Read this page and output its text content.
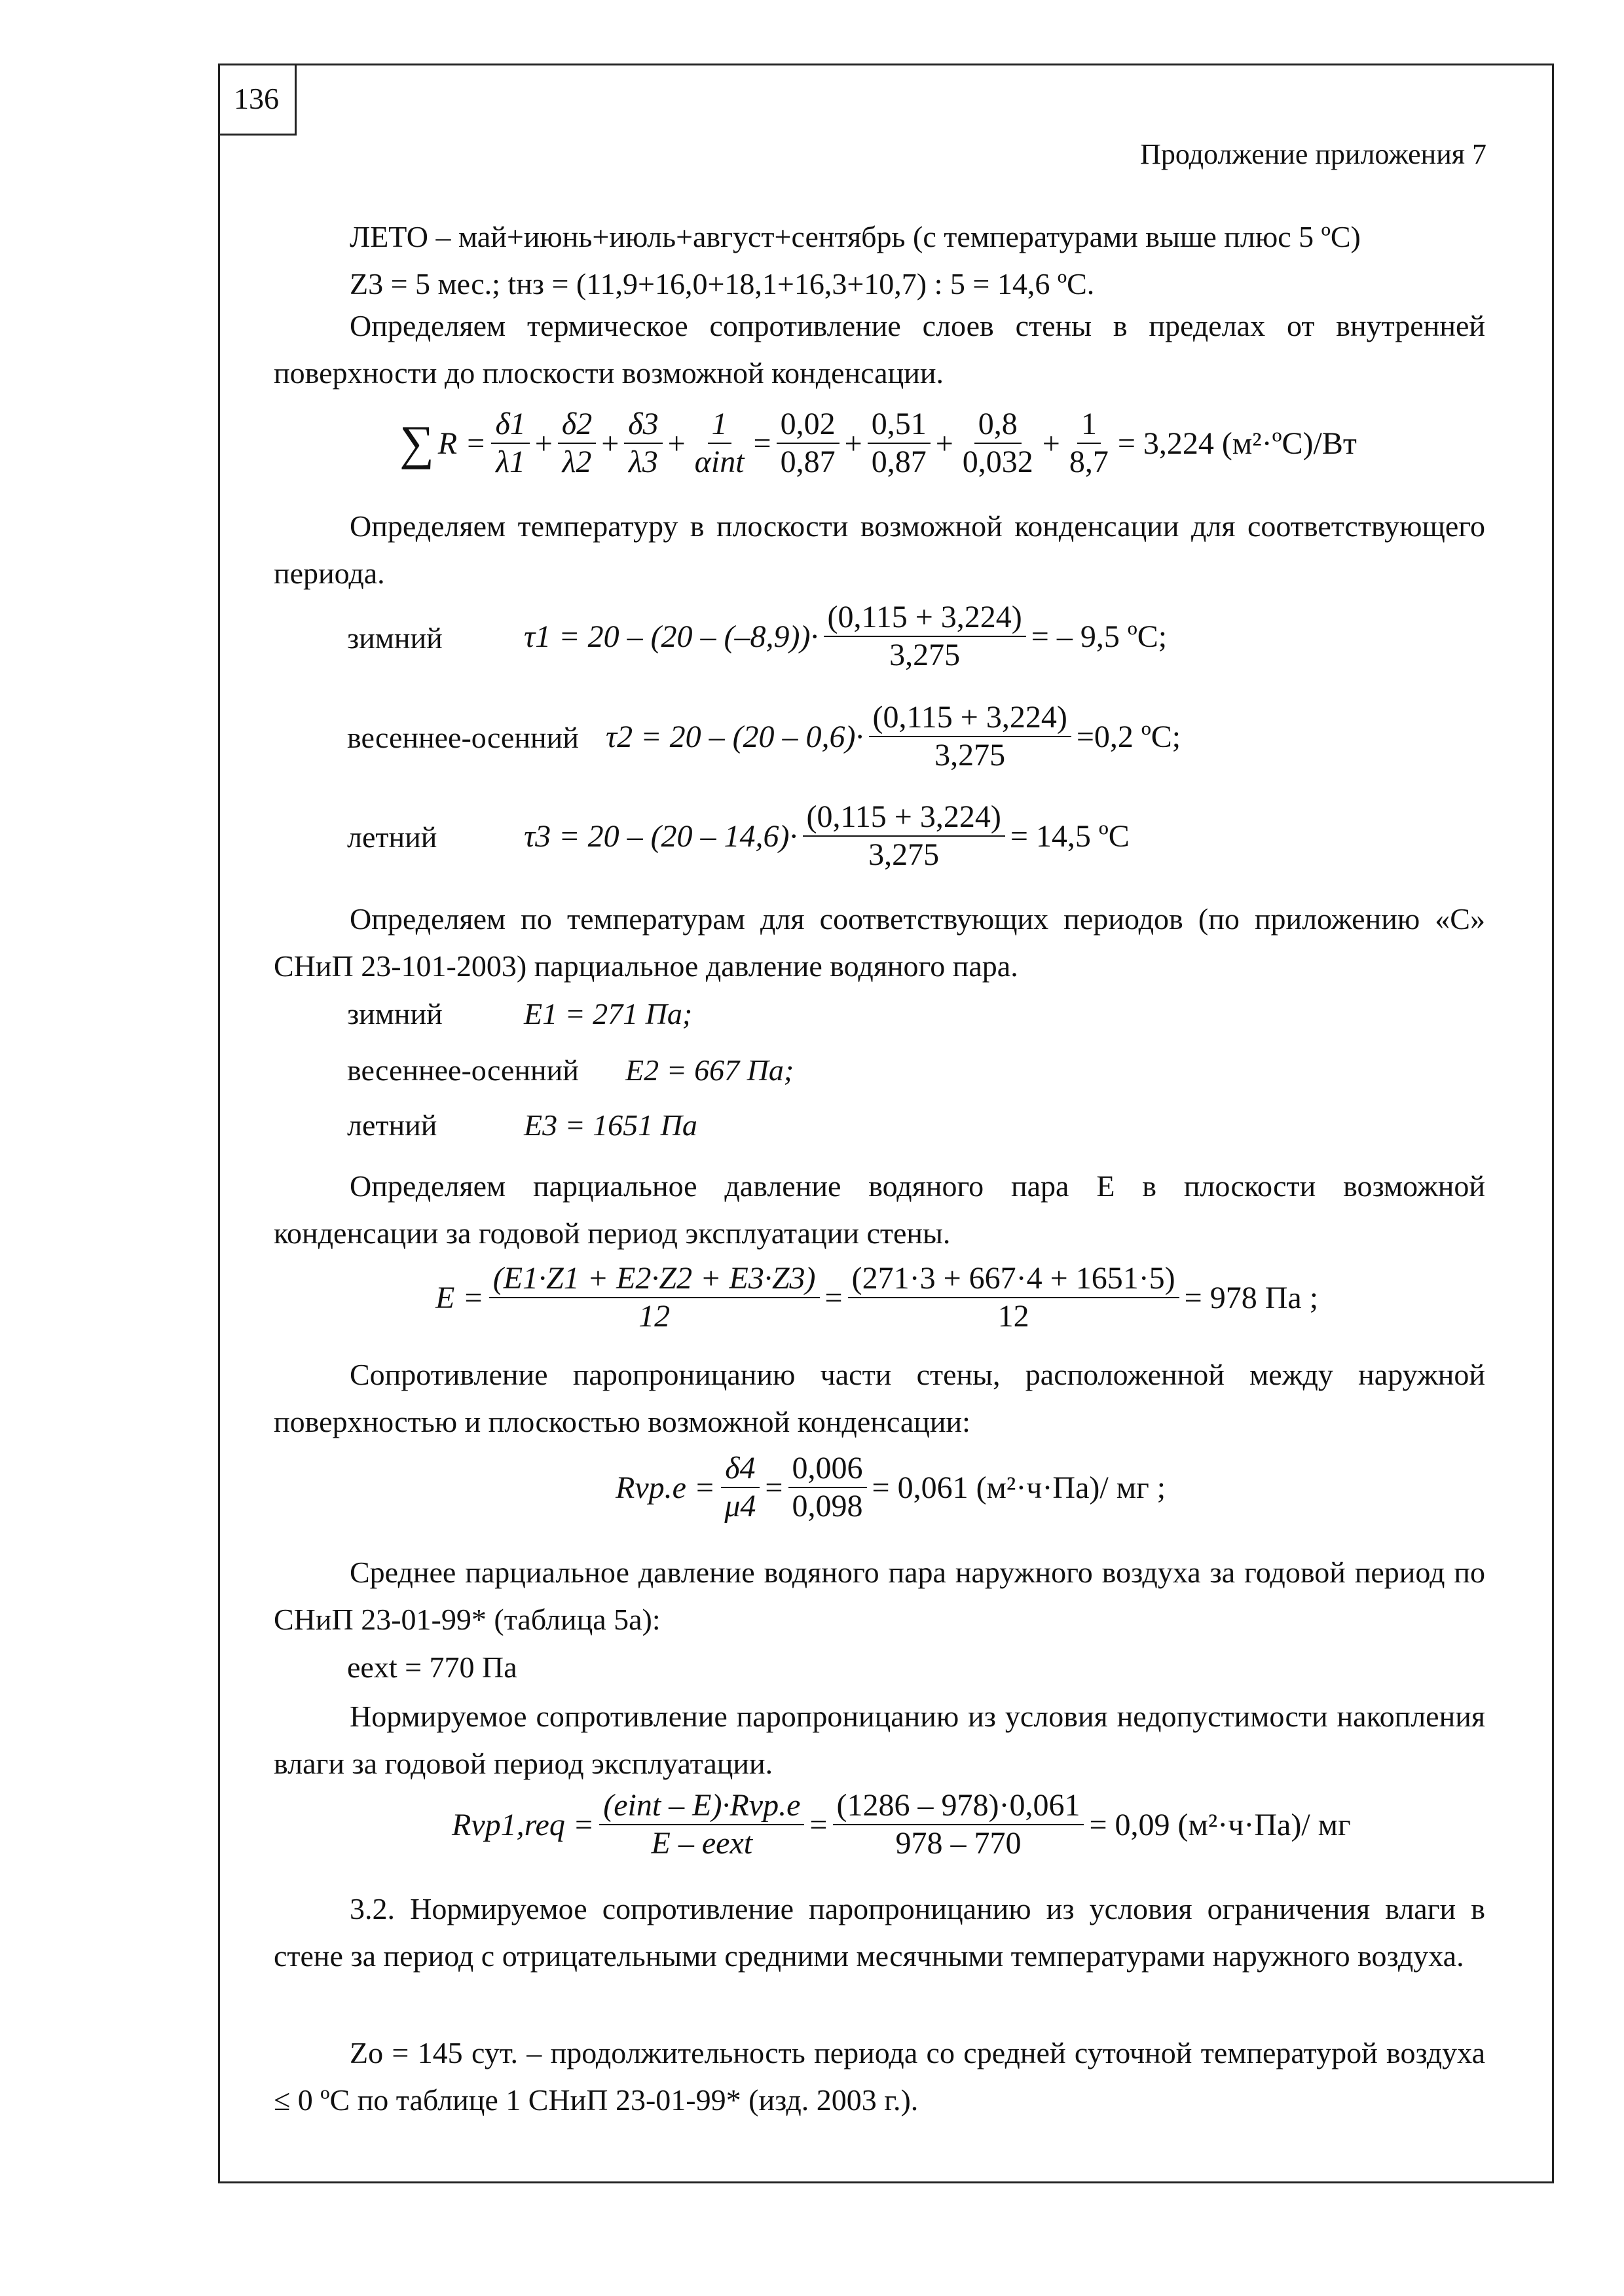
136
Продолжение приложения 7
ЛЕТО – май+июнь+июль+август+сентябрь (с температурами выше плюс 5 ºС)
Z3 = 5 мес.; tнз = (11,9+16,0+18,1+16,3+10,7) : 5 = 14,6 ºС.
Определяем термическое сопротивление слоев стены в пределах от внутренней поверхности до плоскости возможной конденсации.
∑ $R = \frac{\delta 1}{\lambda 1} + \frac{\delta 2}{\lambda 2} + \frac{\delta 3}{\lambda 3} + \frac{1}{\text{αint}} = \frac{0,02}{0,87} + \frac{0,51}{0,87} + \frac{0,8}{0,032} + \frac{1}{8,7} = 3,224$ (м²·ºC)/Вт
Определяем температуру в плоскости возможной конденсации для соответствующего периода.
зимний	$\tau 1 = 20 - (20 - (-8,9))\cdot \frac{(0,115 + 3,224)}{3,275}$ = – 9,5 ºC;
весеннее-осенний $\tau 2 = 20 - (20 - 0,6)\cdot \frac{(0,115 + 3,224)}{3,275} =0,2$ ºC;
летний	$\tau 3 = 20 - (20 - 14,6)\cdot \frac{(0,115 + 3,224)}{3,275} = 14,5$ ºC
Определяем по температурам для соответствующих периодов (по приложению «С» СНиП 23-101-2003) парциальное давление водяного пара.
зимний	E1 = 271 Па;
весеннее-осенний E2 = 667 Па;
летний	E3 = 1651 Па
Определяем парциальное давление водяного пара Е в плоскости возможной конденсации за годовой период эксплуатации стены.
$E = \frac{(E1\cdot Z1 + E2\cdot Z2 + E3\cdot Z3)}{12} = \frac{(271\cdot 3 + 667\cdot 4 + 1651\cdot 5)}{12} = 978$ Па ;
Сопротивление паропроницанию части стены, расположенной между наружной поверхностью и плоскостью возможной конденсации:
$Rvp.e = \frac{\delta 4}{\mu 4} = \frac{0,006}{0,098} = 0,061$ (м²·ч·Па)/ мг ;
Среднее парциальное давление водяного пара наружного воздуха за годовой период по СНиП 23-01-99* (таблица 5а):
eext = 770 Па
Нормируемое сопротивление паропроницанию из условия недопустимости накопления влаги за годовой период эксплуатации.
$Rvp1,req = \frac{\text{(eint – E)·Rvp.e}}{\text{E – eext}} = \frac{(1286 - 978)\cdot 0,061}{978 - 770} = 0,09$ (м²·ч·Па)/ мг
3.2. Нормируемое сопротивление паропроницанию из условия ограничения влаги в стене за период с отрицательными средними месячными температурами наружного воздуха.
Zо = 145 сут. – продолжительность периода со средней суточной температурой воздуха ≤ 0 ºС по таблице 1 СНиП 23-01-99* (изд. 2003 г.).
